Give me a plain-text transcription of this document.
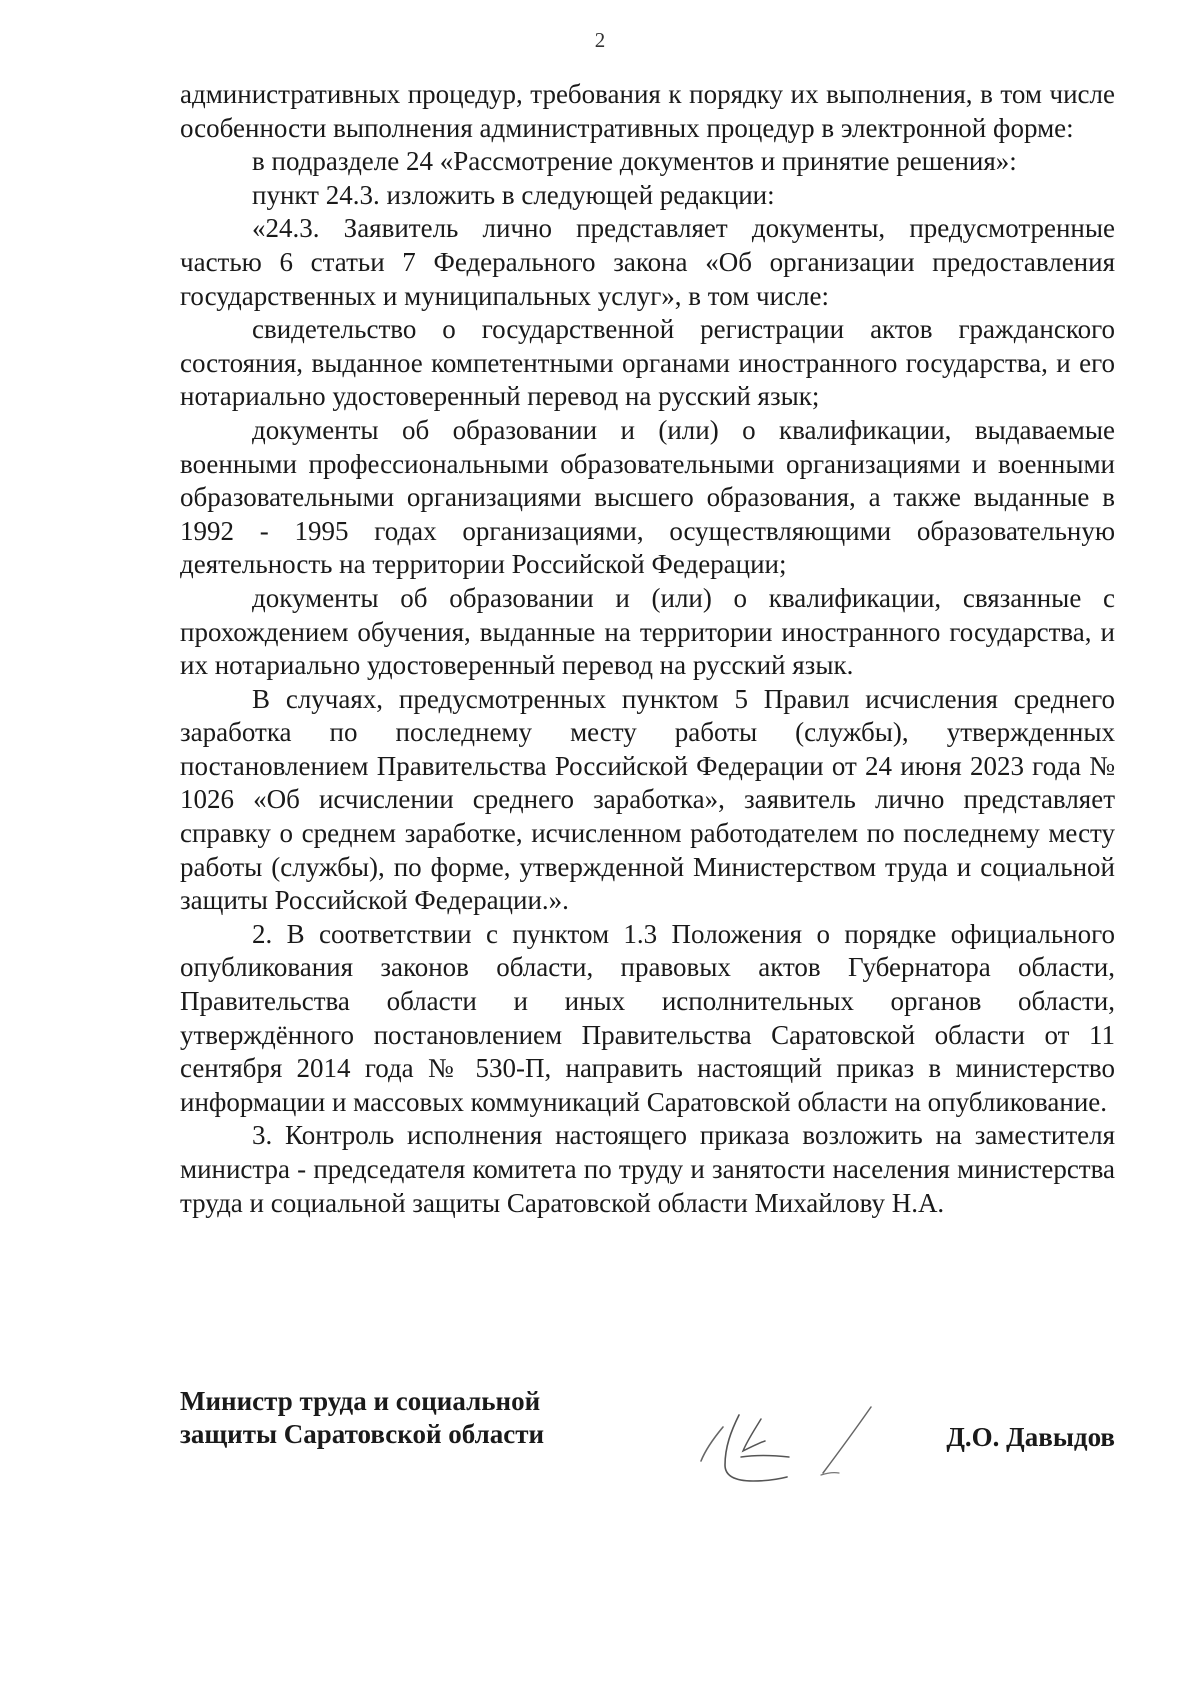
2

административных процедур, требования к порядку их выполнения, в том числе особенности выполнения административных процедур в электронной форме:

в подразделе 24 «Рассмотрение документов и принятие решения»:

пункт 24.3. изложить в следующей редакции:

«24.3. Заявитель лично представляет документы, предусмотренные частью 6 статьи 7 Федерального закона «Об организации предоставления государственных и муниципальных услуг», в том числе:

свидетельство о государственной регистрации актов гражданского состояния, выданное компетентными органами иностранного государства, и его нотариально удостоверенный перевод на русский язык;

документы об образовании и (или) о квалификации, выдаваемые военными профессиональными образовательными организациями и военными образовательными организациями высшего образования, а также выданные в 1992 - 1995 годах организациями, осуществляющими образовательную деятельность на территории Российской Федерации;

документы об образовании и (или) о квалификации, связанные с прохождением обучения, выданные на территории иностранного государства, и их нотариально удостоверенный перевод на русский язык.

В случаях, предусмотренных пунктом 5 Правил исчисления среднего заработка по последнему месту работы (службы), утвержденных постановлением Правительства Российской Федерации от 24 июня 2023 года № 1026 «Об исчислении среднего заработка», заявитель лично представляет справку о среднем заработке, исчисленном работодателем по последнему месту работы (службы), по форме, утвержденной Министерством труда и социальной защиты Российской Федерации.».

2. В соответствии с пунктом 1.3 Положения о порядке официального опубликования законов области, правовых актов Губернатора области, Правительства области и иных исполнительных органов области, утверждённого постановлением Правительства Саратовской области от 11 сентября 2014 года № 530-П, направить настоящий приказ в министерство информации и массовых коммуникаций Саратовской области на опубликование.

3. Контроль исполнения настоящего приказа возложить на заместителя министра - председателя комитета по труду и занятости населения министерства труда и социальной защиты Саратовской области Михайлову Н.А.

Министр труда и социальной
защиты Саратовской области	Д.О. Давыдов
